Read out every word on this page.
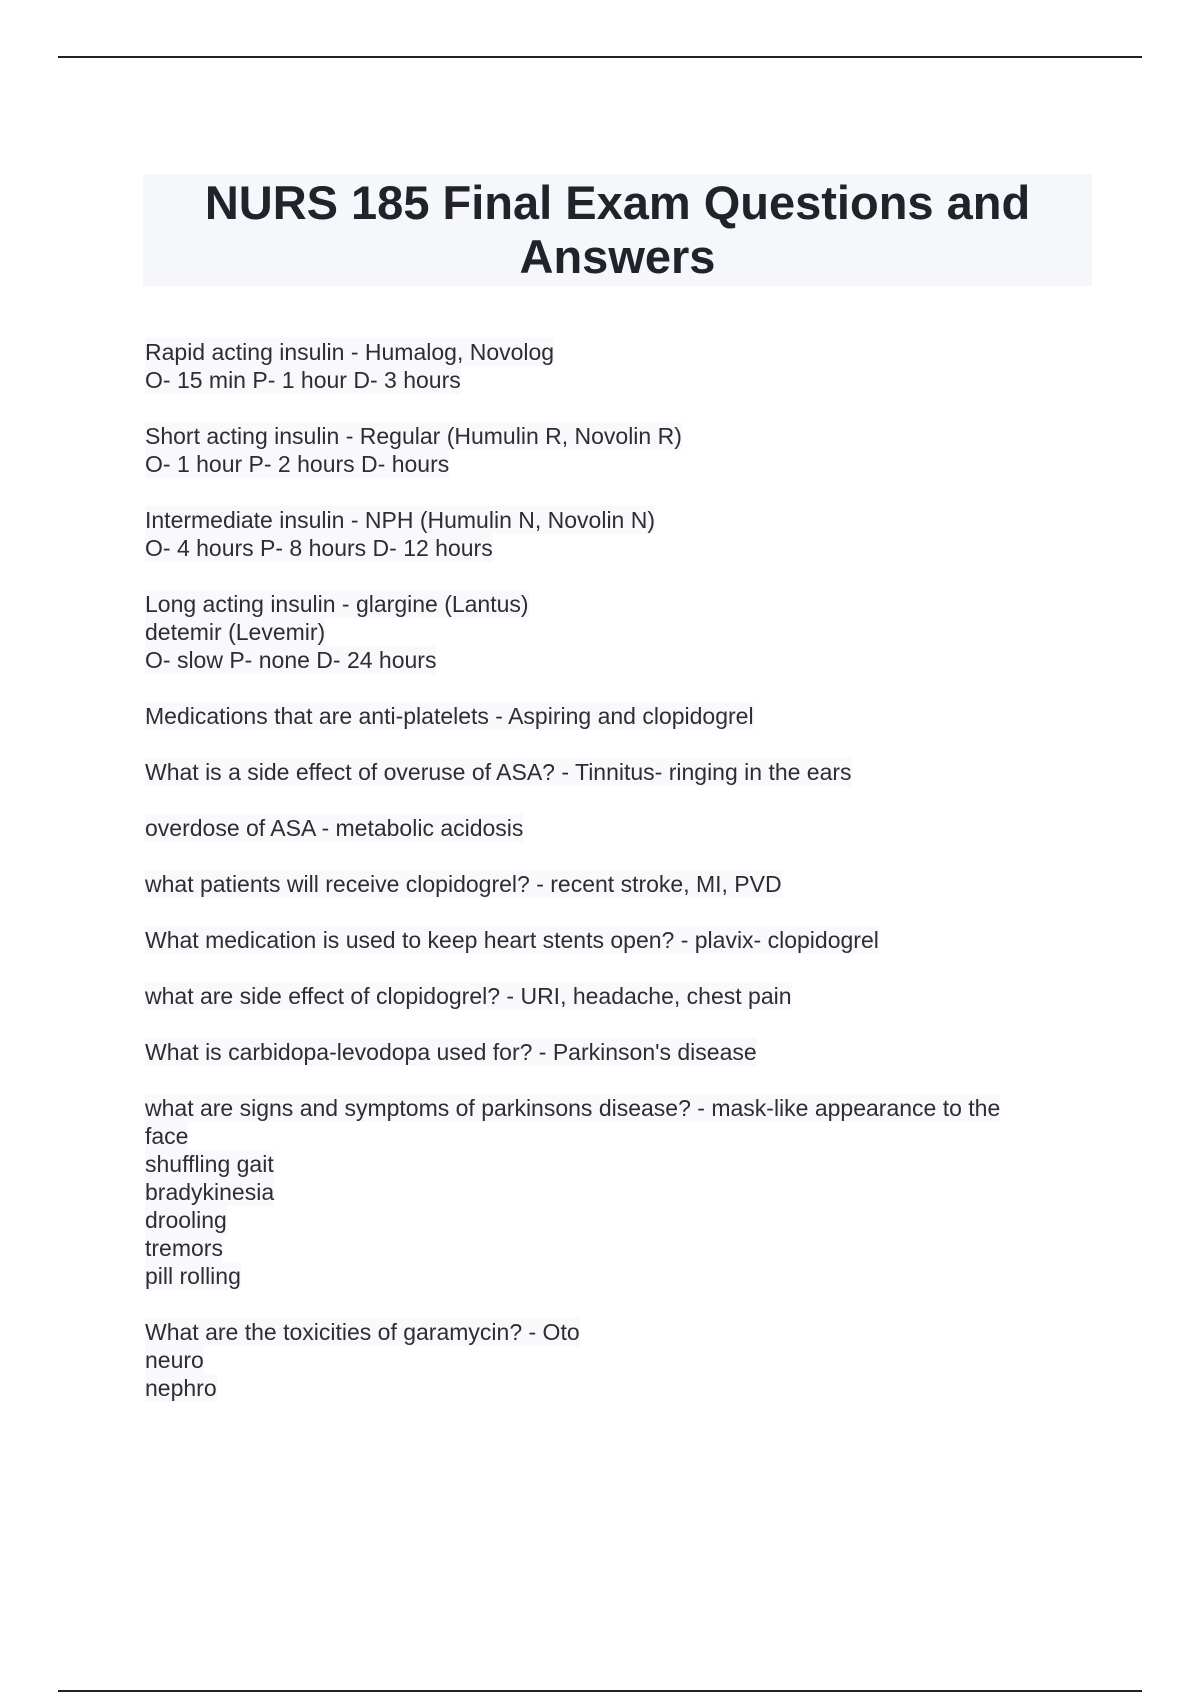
NURS 185 Final Exam Questions and Answers
Rapid acting insulin - Humalog, Novolog
O- 15 min P- 1 hour D- 3 hours
Short acting insulin - Regular (Humulin R, Novolin R)
O- 1 hour P- 2 hours D- hours
Intermediate insulin - NPH (Humulin N, Novolin N)
O- 4 hours P- 8 hours D- 12 hours
Long acting insulin - glargine (Lantus)
detemir (Levemir)
O- slow P- none D- 24 hours
Medications that are anti-platelets - Aspiring and clopidogrel
What is a side effect of overuse of ASA? - Tinnitus- ringing in the ears
overdose of ASA - metabolic acidosis
what patients will receive clopidogrel? - recent stroke, MI, PVD
What medication is used to keep heart stents open? - plavix- clopidogrel
what are side effect of clopidogrel? - URI, headache, chest pain
What is carbidopa-levodopa used for? - Parkinson's disease
what are signs and symptoms of parkinsons disease? - mask-like appearance to the
face
shuffling gait
bradykinesia
drooling
tremors
pill rolling
What are the toxicities of garamycin? - Oto
neuro
nephro
